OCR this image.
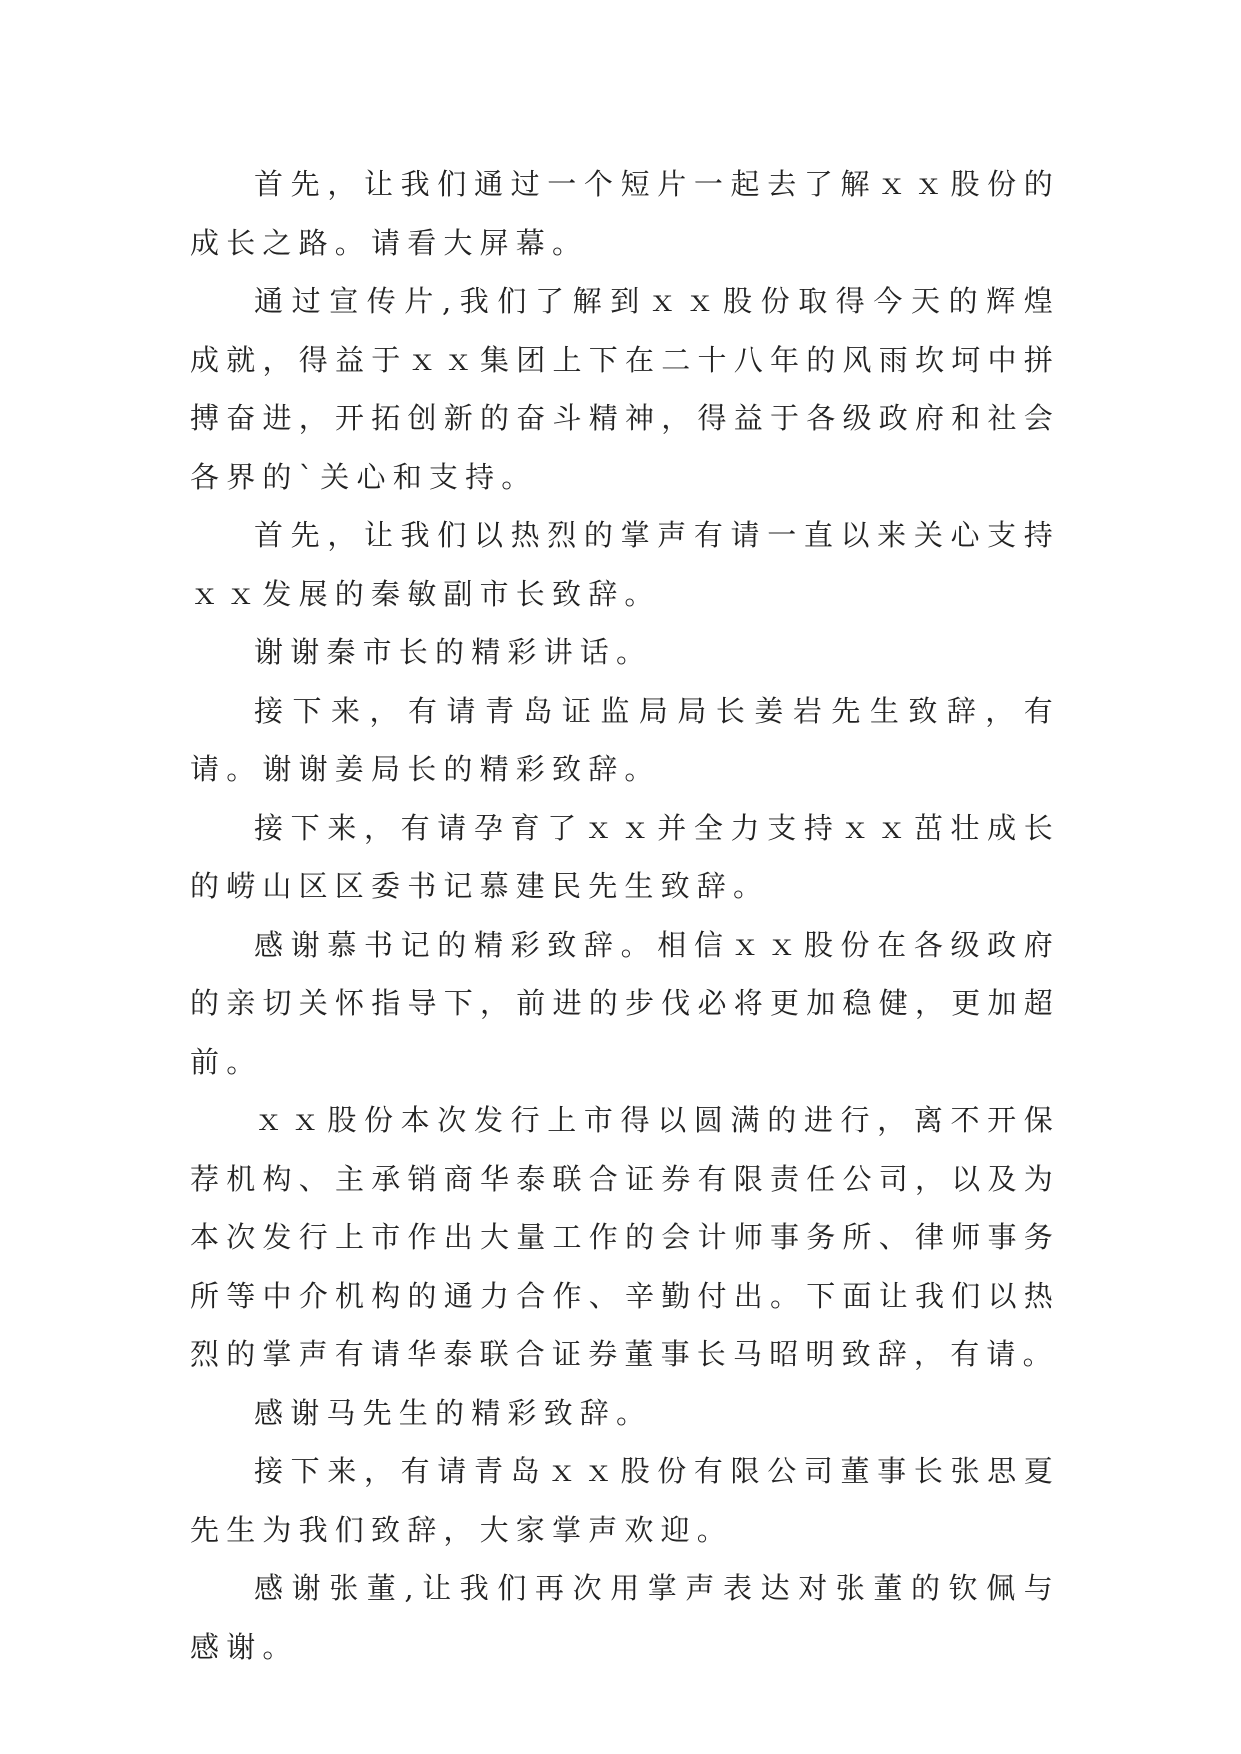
首先，让我们通过一个短片一起去了解ｘｘ股份的成长之路。请看大屏幕。

通过宣传片,我们了解到ｘｘ股份取得今天的辉煌成就，得益于ｘｘ集团上下在二十八年的风雨坎坷中拼搏奋进，开拓创新的奋斗精神，得益于各级政府和社会各界的`关心和支持。

首先，让我们以热烈的掌声有请一直以来关心支持ｘｘ发展的秦敏副市长致辞。

谢谢秦市长的精彩讲话。

接下来，有请青岛证监局局长姜岩先生致辞，有请。谢谢姜局长的精彩致辞。

接下来，有请孕育了ｘｘ并全力支持ｘｘ茁壮成长的崂山区区委书记慕建民先生致辞。

感谢慕书记的精彩致辞。相信ｘｘ股份在各级政府的亲切关怀指导下，前进的步伐必将更加稳健，更加超前。

ｘｘ股份本次发行上市得以圆满的进行，离不开保荐机构、主承销商华泰联合证券有限责任公司，以及为本次发行上市作出大量工作的会计师事务所、律师事务所等中介机构的通力合作、辛勤付出。下面让我们以热烈的掌声有请华泰联合证券董事长马昭明致辞，有请。

感谢马先生的精彩致辞。

接下来，有请青岛ｘｘ股份有限公司董事长张思夏先生为我们致辞，大家掌声欢迎。

感谢张董,让我们再次用掌声表达对张董的钦佩与感谢。
